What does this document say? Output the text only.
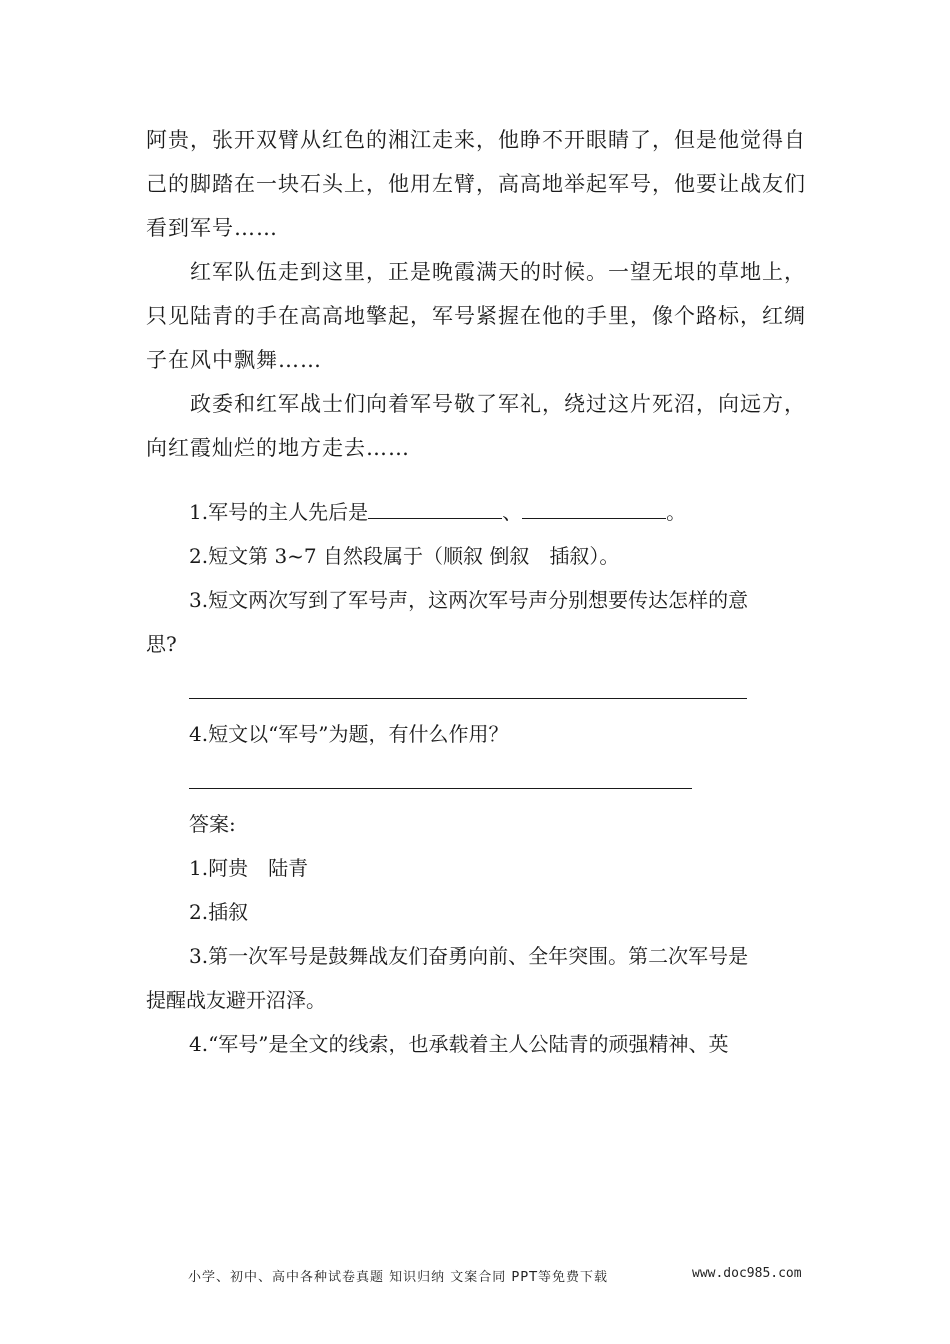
阿贵，张开双臂从红色的湘江走来，他睁不开眼睛了，但是他觉得自己的脚踏在一块石头上，他用左臂，高高地举起军号，他要让战友们看到军号……

红军队伍走到这里，正是晚霞满天的时候。一望无垠的草地上，只见陆青的手在高高地擎起，军号紧握在他的手里，像个路标，红绸子在风中飘舞……

政委和红军战士们向着军号敬了军礼，绕过这片死沼，向远方，向红霞灿烂的地方走去……

1.军号的主人先后是	、	。
2.短文第 3~7 自然段属于（顺叙 倒叙　插叙）。
3.短文两次写到了军号声，这两次军号声分别想要传达怎样的意
思?
4.短文以“军号”为题，有什么作用？
答案:
1.阿贵　陆青
2.插叙
3.第一次军号是鼓舞战友们奋勇向前、全年突围。第二次军号是
提醒战友避开沼泽。
4.“军号”是全文的线索，也承载着主人公陆青的顽强精神、英
小学、初中、高中各种试卷真题 知识归纳 文案合同 PPT等免费下载	www.doc985.com
